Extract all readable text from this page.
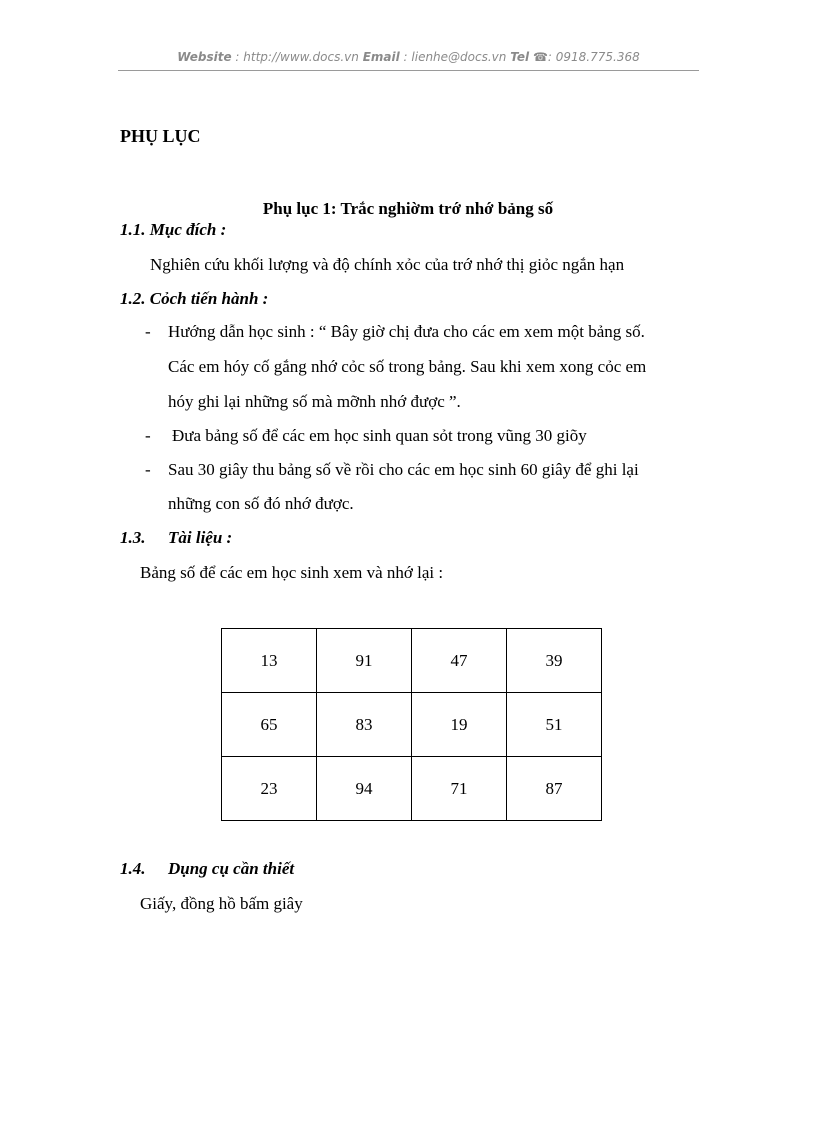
Website : http://www.docs.vn Email : lienhe@docs.vn Tel ☎: 0918.775.368
PHỤ LỤC
Phụ lục 1: Trắc nghiờm trớ nhớ bảng số
1.1. Mục đích :
Nghiên cứu khối lượng và độ chính xỏc của trớ nhớ thị giỏc ngắn hạn
1.2. Cỏch tiến hành :
- Hướng dẫn học sinh : “ Bây giờ chị đưa cho các em xem một bảng số.
Các em hóy cố gắng nhớ cỏc số trong bảng. Sau khi xem xong cỏc em
hóy ghi lại những số mà mỡnh nhớ được ”.
- Đưa bảng số để các em học sinh quan sỏt trong vũng 30 giõy
- Sau 30 giây thu bảng số về rồi cho các em học sinh 60 giây để ghi lại
những con số đó nhớ được.
1.3. Tài liệu :
Bảng số để các em học sinh xem và nhớ lại :
13	91	47	39
65	83	19	51
23	94	71	87
1.4. Dụng cụ cần thiết
Giấy, đồng hồ bấm giây
